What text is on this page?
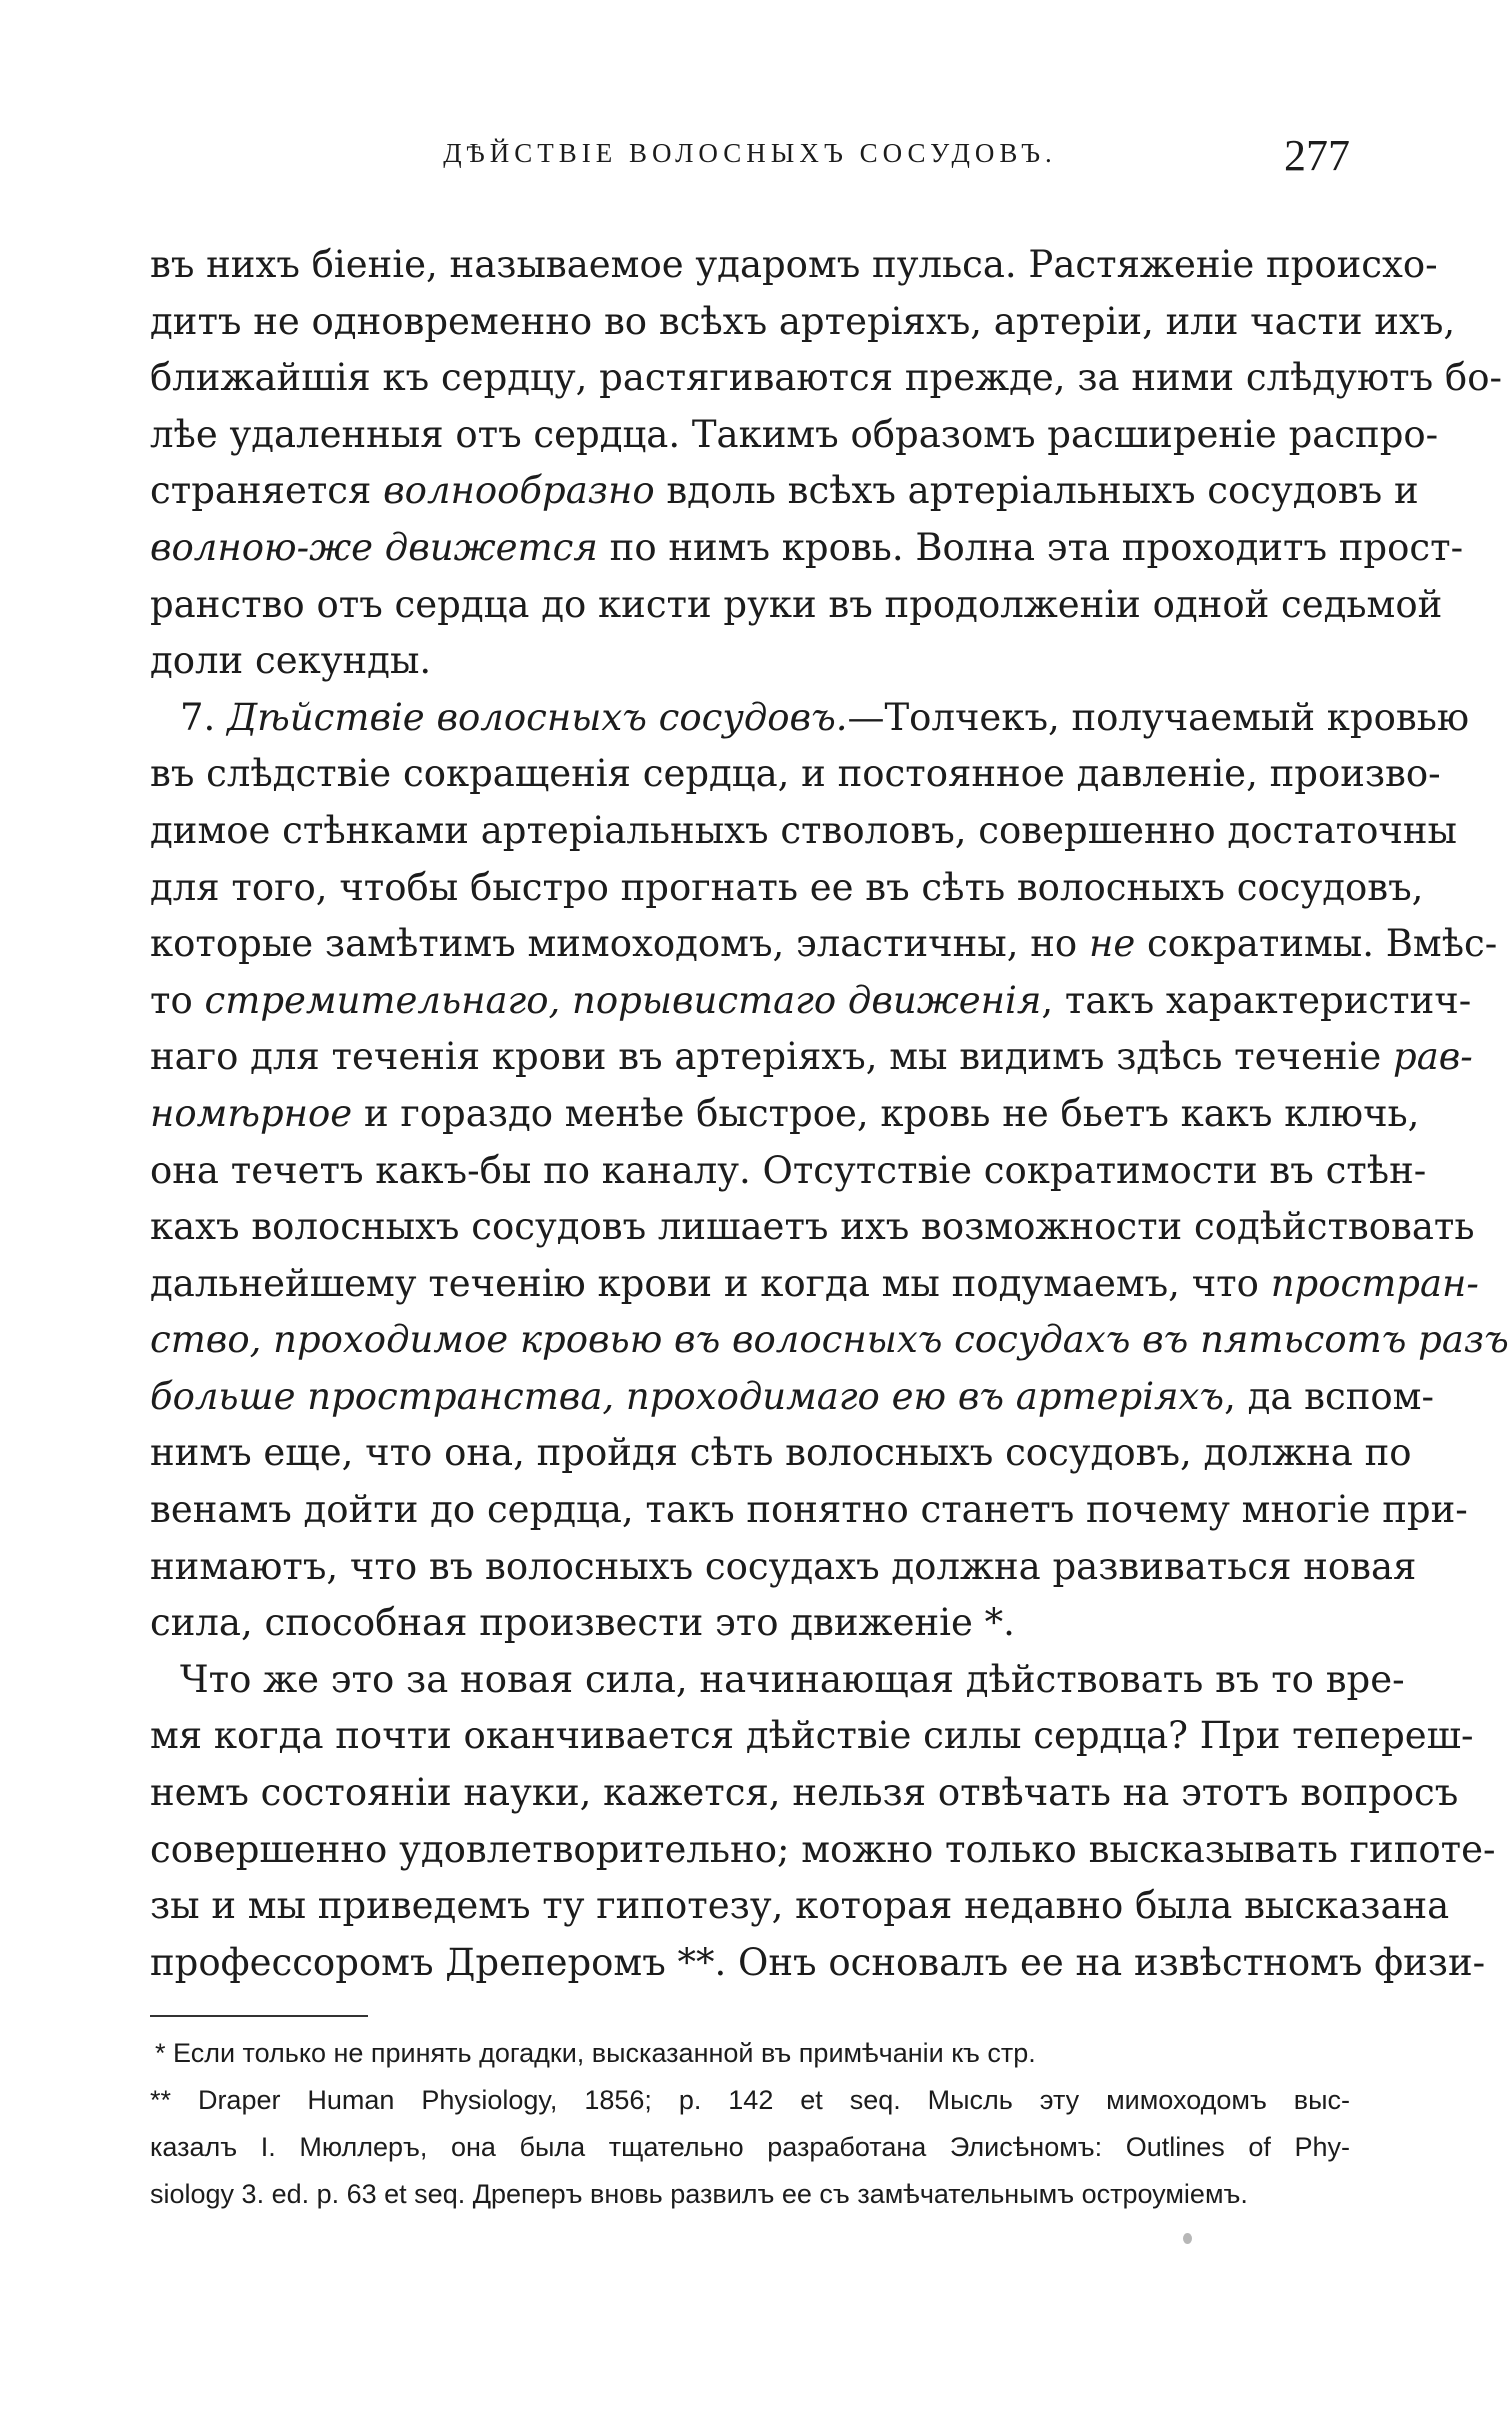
ДѢЙСТВІЕ ВОЛОСНЫХЪ СОСУДОВЪ.	277
въ нихъ біеніе, называемое ударомъ пульса. Растяженіе происхо-
дитъ не одновременно во всѣхъ артеріяхъ, артеріи, или части ихъ,
ближайшія къ сердцу, растягиваются прежде, за ними слѣдуютъ бо-
лѣе удаленныя отъ сердца. Такимъ образомъ расширеніе распро-
страняется волнообразно вдоль всѣхъ артеріальныхъ сосудовъ и
волною-же движется по нимъ кровь. Волна эта проходитъ прост-
ранство отъ сердца до кисти руки въ продолженіи одной седьмой
доли секунды.
7. Дѣйствіе волосныхъ сосудовъ.—Толчекъ, получаемый кровью
въ слѣдствіе сокращенія сердца, и постоянное давленіе, произво-
димое стѣнками артеріальныхъ стволовъ, совершенно достаточны
для того, чтобы быстро прогнать ее въ сѣть волосныхъ сосудовъ,
которые замѣтимъ мимоходомъ, эластичны, но не сократимы. Вмѣс-
то стремительнаго, порывистаго движенія, такъ характеристич-
наго для теченія крови въ артеріяхъ, мы видимъ здѣсь теченіе рав-
номѣрное и гораздо менѣе быстрое, кровь не бьетъ какъ ключь,
она течетъ какъ-бы по каналу. Отсутствіе сократимости въ стѣн-
кахъ волосныхъ сосудовъ лишаетъ ихъ возможности содѣйствовать
дальнейшему теченію крови и когда мы подумаемъ, что простран-
ство, проходимое кровью въ волосныхъ сосудахъ въ пятьсотъ разъ
больше пространства, проходимаго ею въ артеріяхъ, да вспом-
нимъ еще, что она, пройдя сѣть волосныхъ сосудовъ, должна по
венамъ дойти до сердца, такъ понятно станетъ почему многіе при-
нимаютъ, что въ волосныхъ сосудахъ должна развиваться новая
сила, способная произвести это движеніе *.
Что же это за новая сила, начинающая дѣйствовать въ то вре-
мя когда почти оканчивается дѣйствіе силы сердца? При тепереш-
немъ состояніи науки, кажется, нельзя отвѣчать на этотъ вопросъ
совершенно удовлетворительно; можно только высказывать гипоте-
зы и мы приведемъ ту гипотезу, которая недавно была высказана
профессоромъ Дреперомъ **. Онъ основалъ ее на извѣстномъ физи-
* Если только не принять догадки, высказанной въ примѣчаніи къ стр.
** Draper Human Physiology, 1856; p. 142 et seq. Мысль эту мимоходомъ выс-
казалъ І. Мюллеръ, она была тщательно разработана Элисѣномъ: Outlines of Phy-
siology 3. ed. p. 63 et seq. Дреперъ вновь развилъ ее съ замѣчательнымъ остроуміемъ.
